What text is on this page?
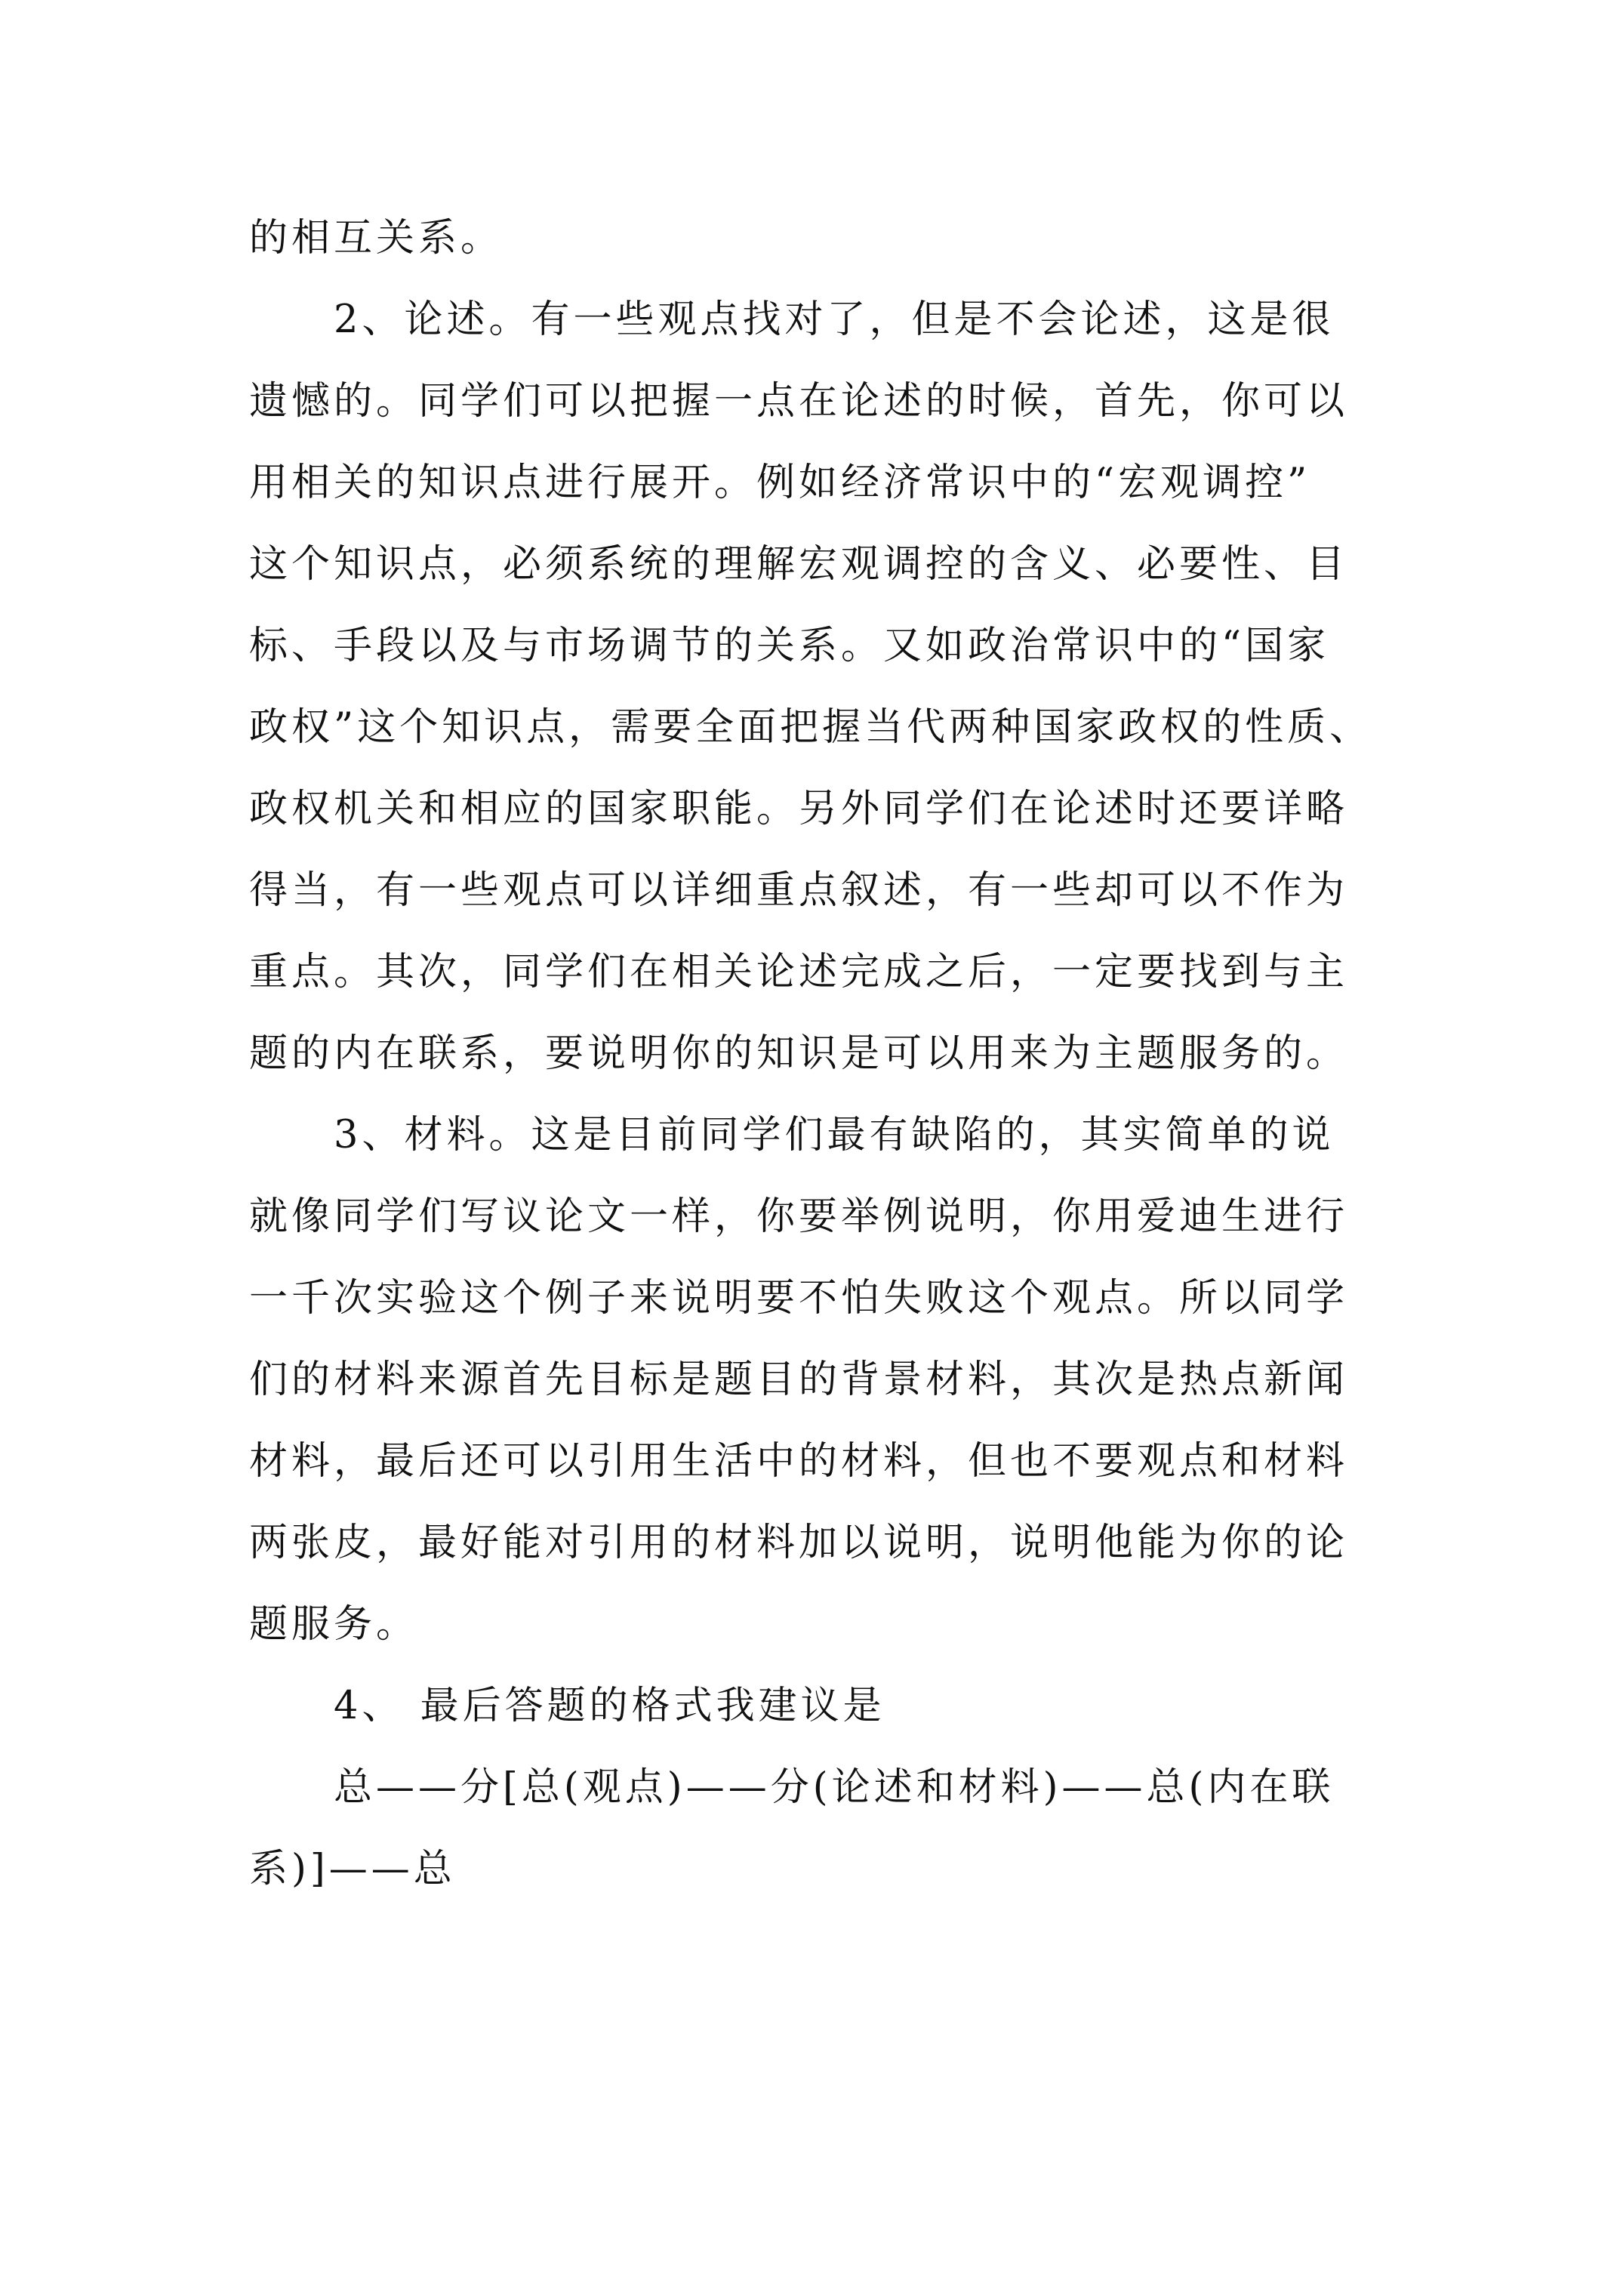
的相互关系。

2、论述。有一些观点找对了，但是不会论述，这是很
遗憾的。同学们可以把握一点在论述的时候，首先，你可以
用相关的知识点进行展开。例如经济常识中的“宏观调控”
这个知识点，必须系统的理解宏观调控的含义、必要性、目
标、手段以及与市场调节的关系。又如政治常识中的“国家
政权”这个知识点，需要全面把握当代两种国家政权的性质、
政权机关和相应的国家职能。另外同学们在论述时还要详略
得当，有一些观点可以详细重点叙述，有一些却可以不作为
重点。其次，同学们在相关论述完成之后，一定要找到与主
题的内在联系，要说明你的知识是可以用来为主题服务的。

3、材料。这是目前同学们最有缺陷的，其实简单的说
就像同学们写议论文一样，你要举例说明，你用爱迪生进行
一千次实验这个例子来说明要不怕失败这个观点。所以同学
们的材料来源首先目标是题目的背景材料，其次是热点新闻
材料，最后还可以引用生活中的材料，但也不要观点和材料
两张皮，最好能对引用的材料加以说明，说明他能为你的论
题服务。

4、 最后答题的格式我建议是

总——分[总(观点)——分(论述和材料)——总(内在联
系)]——总
